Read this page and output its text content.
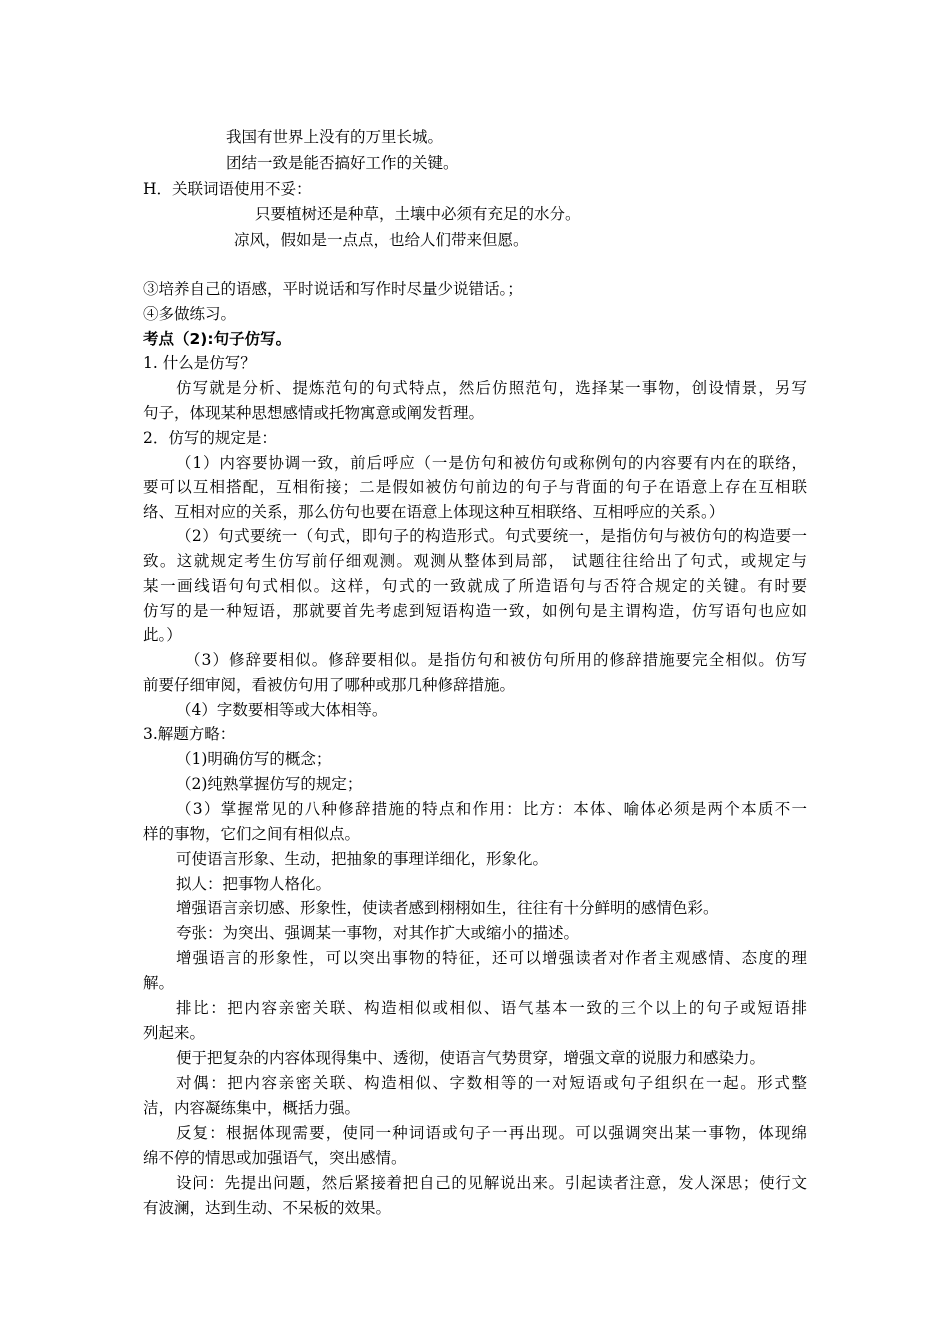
我国有世界上没有的万里长城。
团结一致是能否搞好工作的关键。
H．关联词语使用不妥：
只要植树还是种草，土壤中必须有充足的水分。
凉风，假如是一点点，也给人们带来但愿。
③培养自己的语感，平时说话和写作时尽量少说错话。；
④多做练习。
考点（2):句子仿写。
1. 什么是仿写？
仿写就是分析、提炼范句的句式特点，然后仿照范句，选择某一事物，创设情景，另写
句子，体现某种思想感情或托物寓意或阐发哲理。
2．仿写的规定是：
（1）内容要协调一致，前后呼应（一是仿句和被仿句或称例句的内容要有内在的联络，
要可以互相搭配，互相衔接；二是假如被仿句前边的句子与背面的句子在语意上存在互相联
络、互相对应的关系，那么仿句也要在语意上体现这种互相联络、互相呼应的关系。）
（2）句式要统一（句式，即句子的构造形式。句式要统一，是指仿句与被仿句的构造要一
致。这就规定考生仿写前仔细观测。观测从整体到局部， 试题往往给出了句式，或规定与
某一画线语句句式相似。这样，句式的一致就成了所造语句与否符合规定的关键。有时要
仿写的是一种短语，那就要首先考虑到短语构造一致，如例句是主谓构造，仿写语句也应如
此。）
（3）修辞要相似。修辞要相似。是指仿句和被仿句所用的修辞措施要完全相似。仿写
前要仔细审阅，看被仿句用了哪种或那几种修辞措施。
（4）字数要相等或大体相等。
3.解题方略：
（1)明确仿写的概念；
（2)纯熟掌握仿写的规定；
（3）掌握常见的八种修辞措施的特点和作用：比方：本体、喻体必须是两个本质不一
样的事物，它们之间有相似点。
可使语言形象、生动，把抽象的事理详细化，形象化。
拟人：把事物人格化。
增强语言亲切感、形象性，使读者感到栩栩如生，往往有十分鲜明的感情色彩。
夸张：为突出、强调某一事物，对其作扩大或缩小的描述。
增强语言的形象性，可以突出事物的特征，还可以增强读者对作者主观感情、态度的理
解。
排比：把内容亲密关联、构造相似或相似、语气基本一致的三个以上的句子或短语排
列起来。
便于把复杂的内容体现得集中、透彻，使语言气势贯穿，增强文章的说服力和感染力。
对偶：把内容亲密关联、构造相似、字数相等的一对短语或句子组织在一起。形式整
洁，内容凝练集中，概括力强。
反复：根据体现需要，使同一种词语或句子一再出现。可以强调突出某一事物，体现绵
绵不停的情思或加强语气，突出感情。
设问：先提出问题，然后紧接着把自己的见解说出来。引起读者注意，发人深思；使行文
有波澜，达到生动、不呆板的效果。
